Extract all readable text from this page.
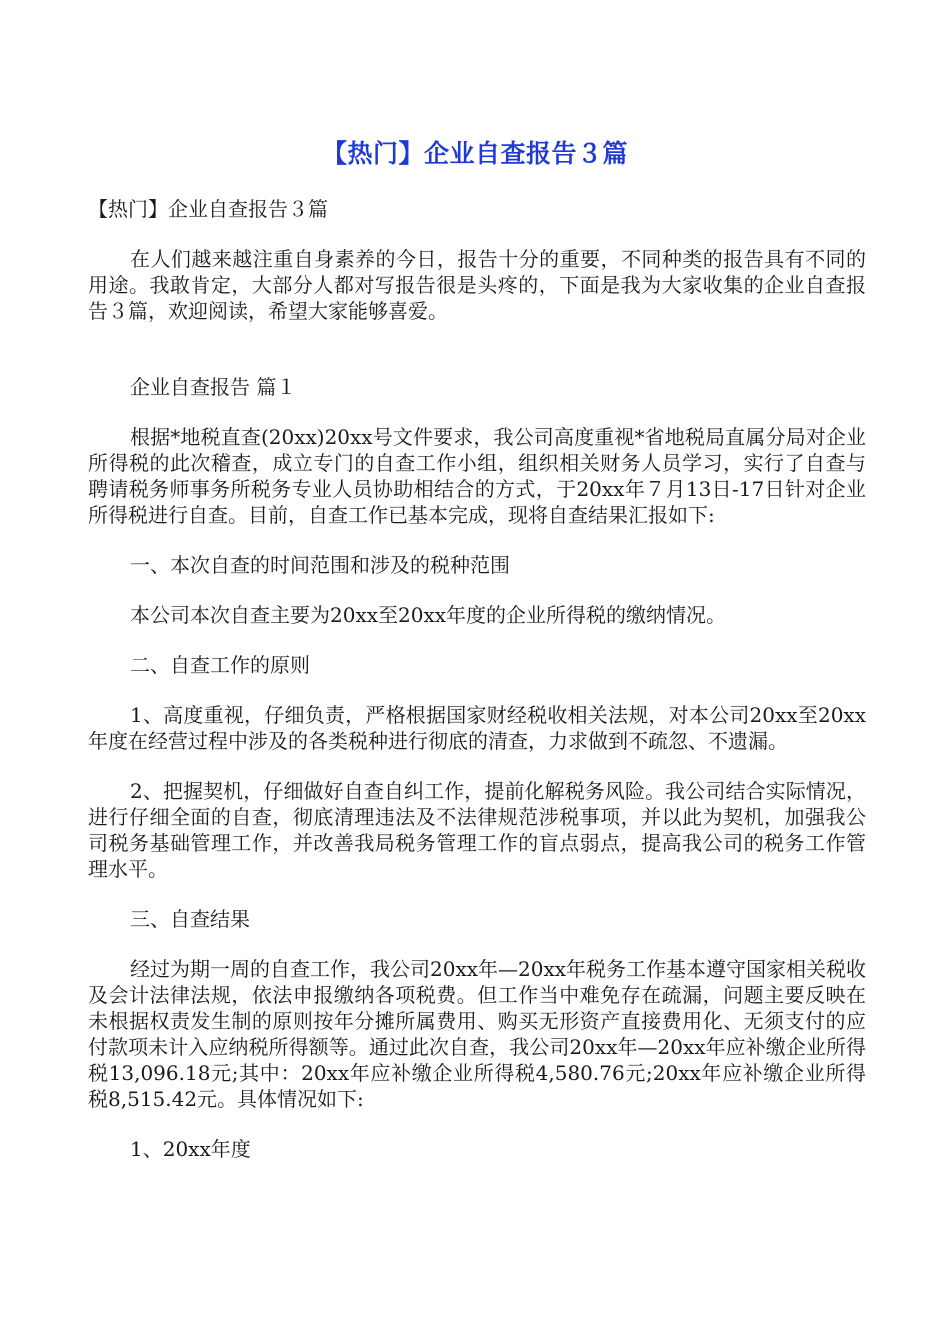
【热门】企业自查报告３篇

【热门】企业自查报告３篇

在人们越来越注重自身素养的今日，报告十分的重要，不同种类的报告具有不同的用途。我敢肯定，大部分人都对写报告很是头疼的，下面是我为大家收集的企业自查报告３篇，欢迎阅读，希望大家能够喜爱。

企业自查报告 篇１

根据*地税直查(20xx)20xx号文件要求，我公司高度重视*省地税局直属分局对企业所得税的此次稽查，成立专门的自查工作小组，组织相关财务人员学习，实行了自查与聘请税务师事务所税务专业人员协助相结合的方式，于20xx年７月13日-17日针对企业所得税进行自查。目前，自查工作已基本完成，现将自查结果汇报如下:

一、本次自查的时间范围和涉及的税种范围

本公司本次自查主要为20xx至20xx年度的企业所得税的缴纳情况。

二、自查工作的原则

1、高度重视，仔细负责，严格根据国家财经税收相关法规，对本公司20xx至20xx年度在经营过程中涉及的各类税种进行彻底的清查，力求做到不疏忽、不遗漏。

2、把握契机，仔细做好自查自纠工作，提前化解税务风险。我公司结合实际情况，进行仔细全面的自查，彻底清理违法及不法律规范涉税事项，并以此为契机，加强我公司税务基础管理工作，并改善我局税务管理工作的盲点弱点，提高我公司的税务工作管理水平。

三、自查结果

经过为期一周的自查工作，我公司20xx年—20xx年税务工作基本遵守国家相关税收及会计法律法规，依法申报缴纳各项税费。但工作当中难免存在疏漏，问题主要反映在未根据权责发生制的原则按年分摊所属费用、购买无形资产直接费用化、无须支付的应付款项未计入应纳税所得额等。通过此次自查，我公司20xx年—20xx年应补缴企业所得税13,096.18元;其中：20xx年应补缴企业所得税4,580.76元;20xx年应补缴企业所得税8,515.42元。具体情况如下:

1、20xx年度
